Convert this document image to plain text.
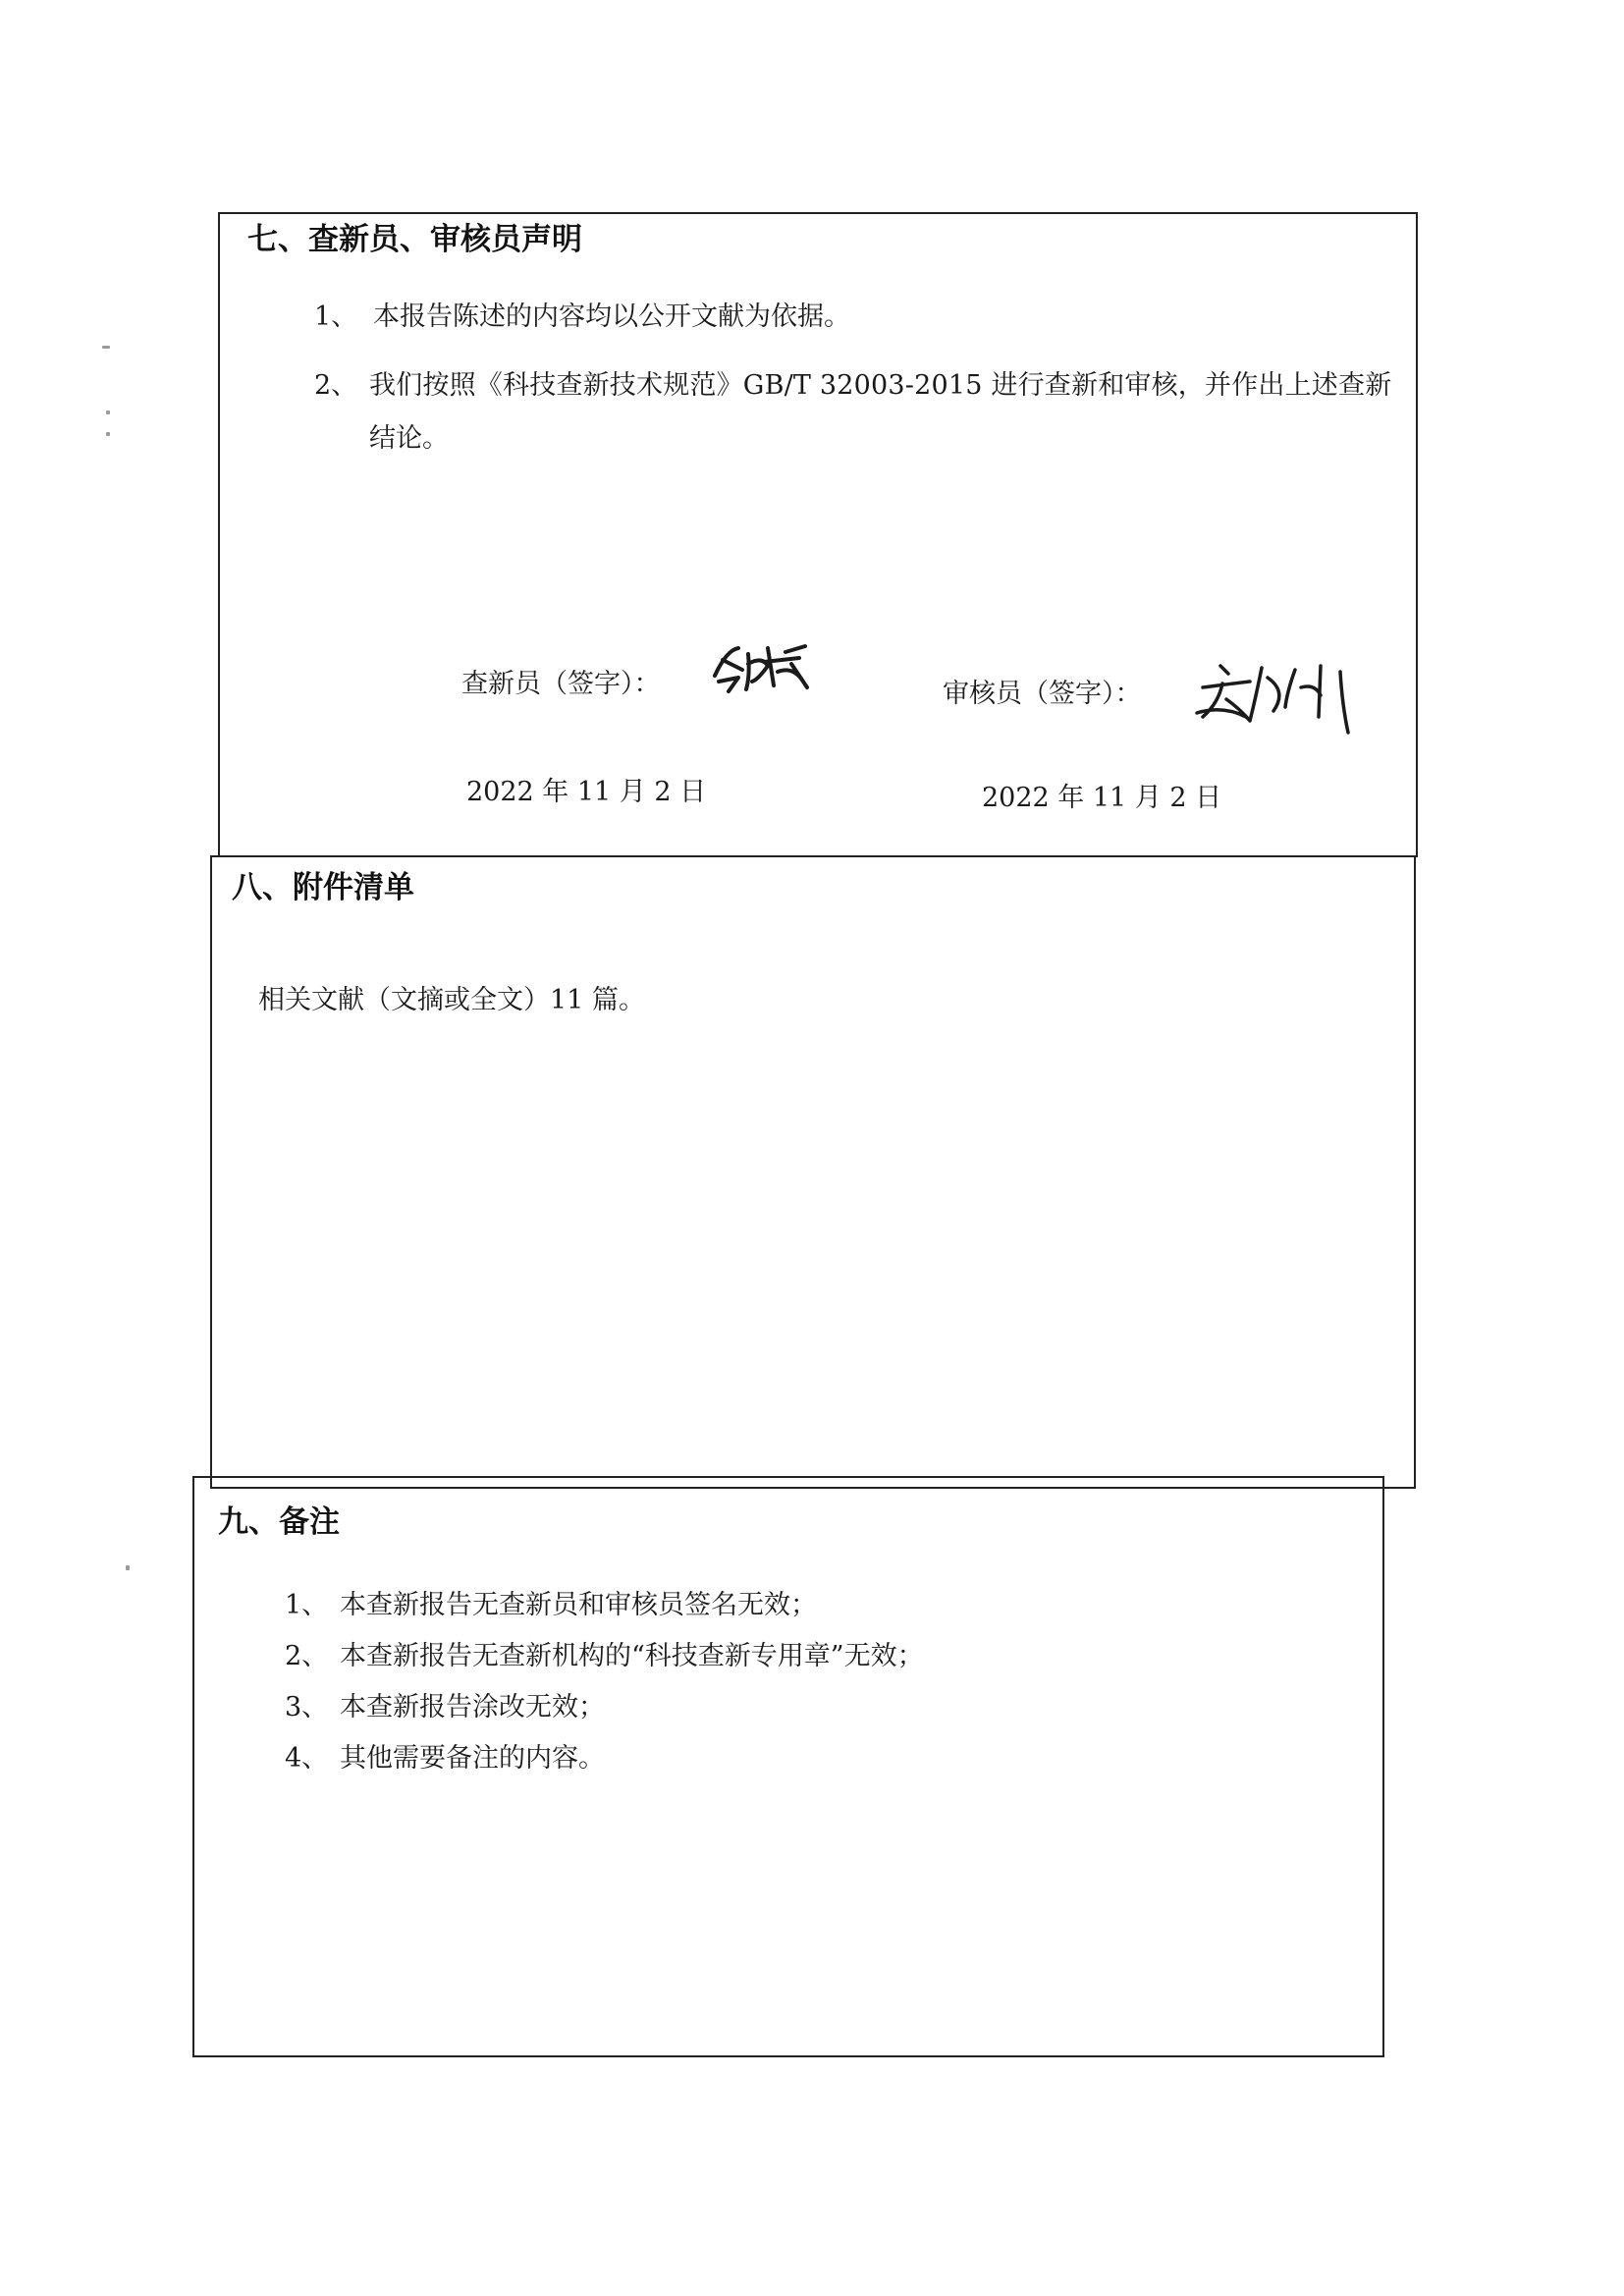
七、查新员、审核员声明
1、 本报告陈述的内容均以公开文献为依据。
2、 我们按照《科技查新技术规范》GB/T 32003-2015 进行查新和审核，并作出上述查新
结论。
查新员（签字）：	审核员（签字）：
2022 年 11 月 2 日	2022 年 11 月 2 日
八、附件清单
相关文献（文摘或全文）11 篇。
九、备注
1、 本查新报告无查新员和审核员签名无效；
2、 本查新报告无查新机构的“科技查新专用章”无效；
3、 本查新报告涂改无效；
4、 其他需要备注的内容。
